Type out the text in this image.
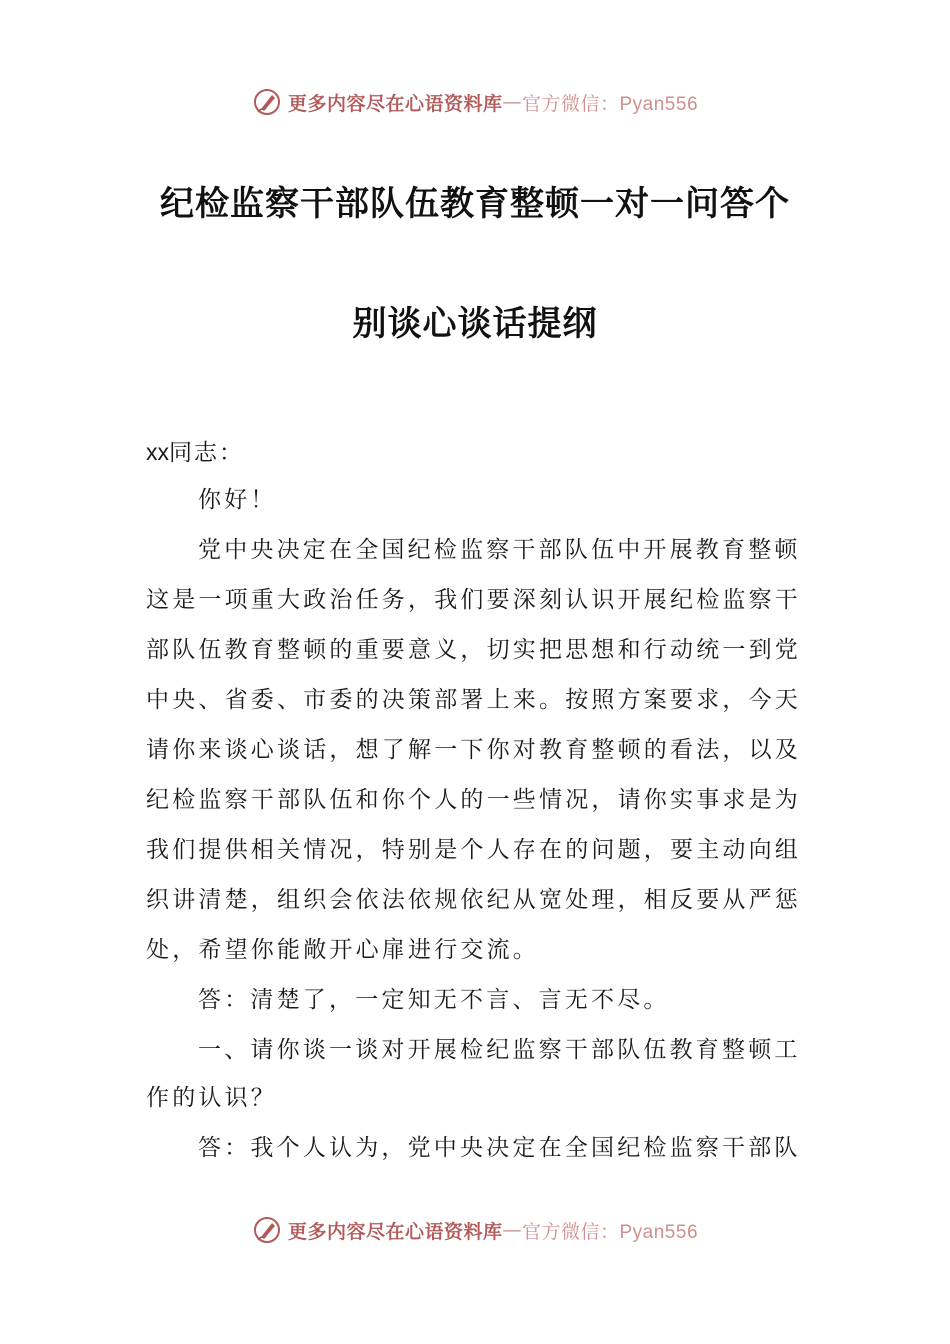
更多内容尽在心语资料库 — 官方微信：Pyan556
纪检监察干部队伍教育整顿一对一问答个
别谈心谈话提纲
xx同志：
你好！
党中央决定在全国纪检监察干部队伍中开展教育整顿
这是一项重大政治任务，我们要深刻认识开展纪检监察干
部队伍教育整顿的重要意义，切实把思想和行动统一到党
中央、省委、市委的决策部署上来。按照方案要求，今天
请你来谈心谈话，想了解一下你对教育整顿的看法，以及
纪检监察干部队伍和你个人的一些情况，请你实事求是为
我们提供相关情况，特别是个人存在的问题，要主动向组
织讲清楚，组织会依法依规依纪从宽处理，相反要从严惩
处，希望你能敞开心扉进行交流。
答：清楚了，一定知无不言、言无不尽。
一、请你谈一谈对开展检纪监察干部队伍教育整顿工
作的认识？
答：我个人认为，党中央决定在全国纪检监察干部队
更多内容尽在心语资料库 — 官方微信：Pyan556
